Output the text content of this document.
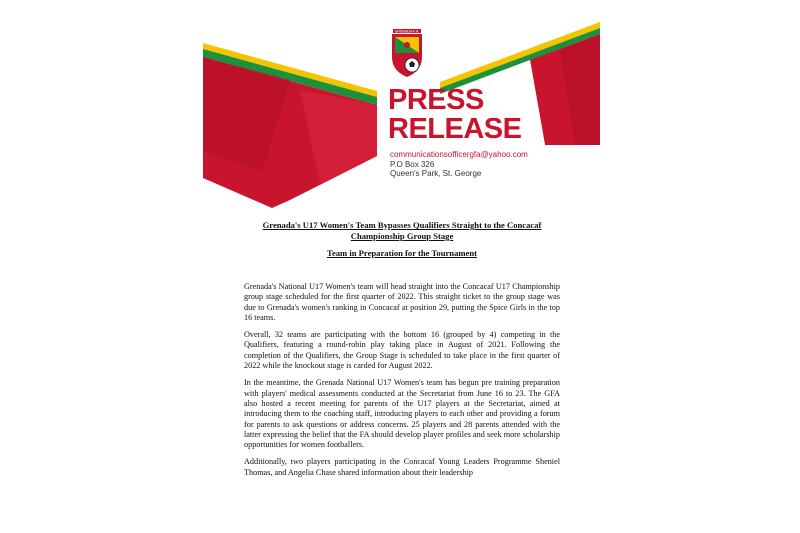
GRENADA F.A.
PRESS
RELEASE
communicationsofficergfa@yahoo.com
P.O Box 326
Queen's Park, St. George
Grenada's U17 Women's Team Bypasses Qualifiers Straight to the Concacaf
Championship Group Stage
Team in Preparation for the Tournament

Grenada's National U17 Women's team will head straight into the Concacaf U17 Championship group stage scheduled for the first quarter of 2022. This straight ticket to the group stage was due to Grenada's women's ranking in Concacaf at position 29, putting the Spice Girls in the top 16 teams.

Overall, 32 teams are participating with the bottom 16 (grouped by 4) competing in the Qualifiers, featuring a round-robin play taking place in August of 2021. Following the completion of the Qualifiers, the Group Stage is scheduled to take place in the first quarter of 2022 while the knockout stage is carded for August 2022.

In the meantime, the Grenada National U17 Women's team has begun pre training preparation with players' medical assessments conducted at the Secretariat from June 16 to 23. The GFA also hosted a recent meeting for parents of the U17 players at the Secretariat, aimed at introducing them to the coaching staff, introducing players to each other and providing a forum for parents to ask questions or address concerns. 25 players and 28 parents attended with the latter expressing the belief that the FA should develop player profiles and seek more scholarship opportunities for women footballers.

Additionally, two players participating in the Concacaf Young Leaders Programme Sheniel Thomas, and Angelia Chase shared information about their leadership
